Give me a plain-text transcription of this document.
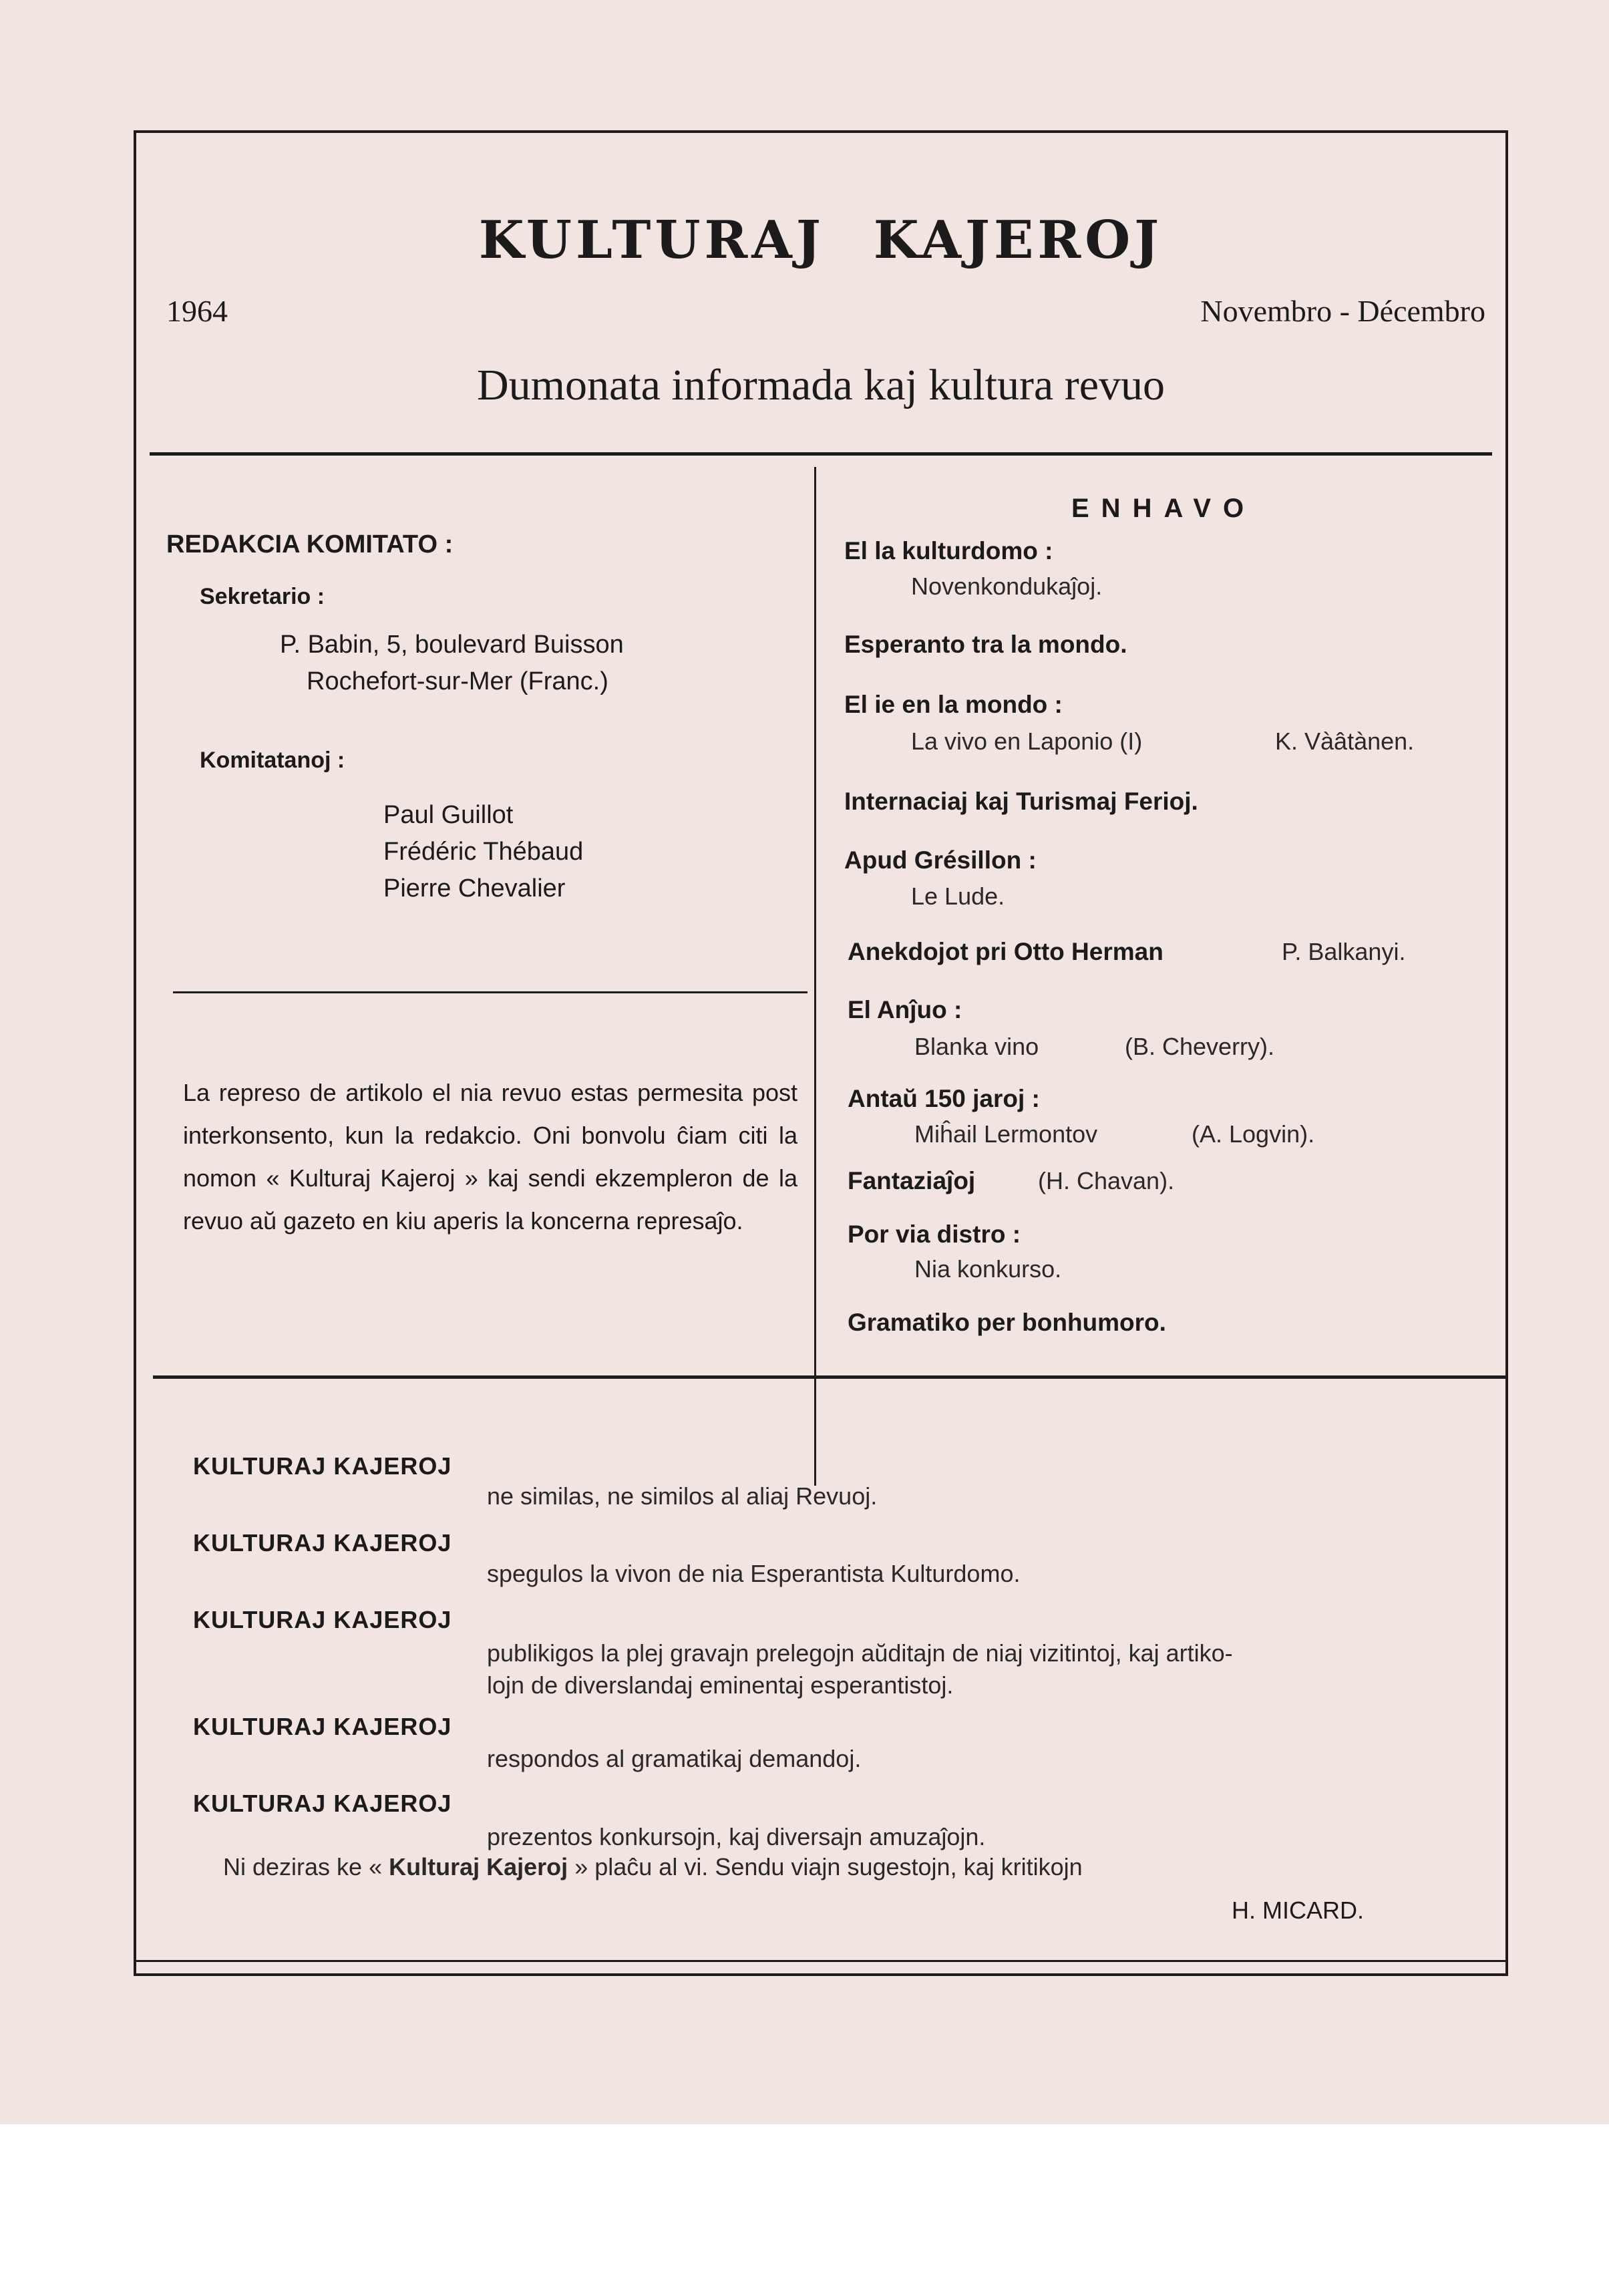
KULTURAJ KAJEROJ
1964	Novembro - Décembro
Dumonata informada kaj kultura revuo
REDAKCIA KOMITATO :
Sekretario :
P. Babin, 5, boulevard Buisson
Rochefort-sur-Mer (Franc.)
Komitatanoj :
Paul Guillot
Frédéric Thébaud
Pierre Chevalier
La represo de artikolo el nia revuo estas permesita post interkonsento, kun la redakcio. Oni bonvolu ĉiam citi la nomon « Kulturaj Kajeroj » kaj sendi ekzempleron de la revuo aŭ gazeto en kiu aperis la koncerna represaĵo.
ENHAVO
El la kulturdomo :
Novenkondukaĵoj.
Esperanto tra la mondo.
El ie en la mondo :
La vivo en Laponio (I)	K. Vàâtànen.
Internaciaj kaj Turismaj Ferioj.
Apud Grésillon :
Le Lude.
Anekdojot pri Otto Herman	P. Balkanyi.
El Anĵuo :
Blanka vino	(B. Cheverry).
Antaŭ 150 jaroj :
Miĥail Lermontov	(A. Logvin).
Fantaziaĵoj	(H. Chavan).
Por via distro :
Nia konkurso.
Gramatiko per bonhumoro.
KULTURAJ KAJEROJ
ne similas, ne similos al aliaj Revuoj.
KULTURAJ KAJEROJ
spegulos la vivon de nia Esperantista Kulturdomo.
KULTURAJ KAJEROJ
publikigos la plej gravajn prelegojn aŭditajn de niaj vizitintoj, kaj artiko-
lojn de diverslandaj eminentaj esperantistoj.
KULTURAJ KAJEROJ
respondos al gramatikaj demandoj.
KULTURAJ KAJEROJ
prezentos konkursojn, kaj diversajn amuzaĵojn.
Ni deziras ke « Kulturaj Kajeroj » plaĉu al vi. Sendu viajn sugestojn, kaj kritikojn
H. MICARD.
